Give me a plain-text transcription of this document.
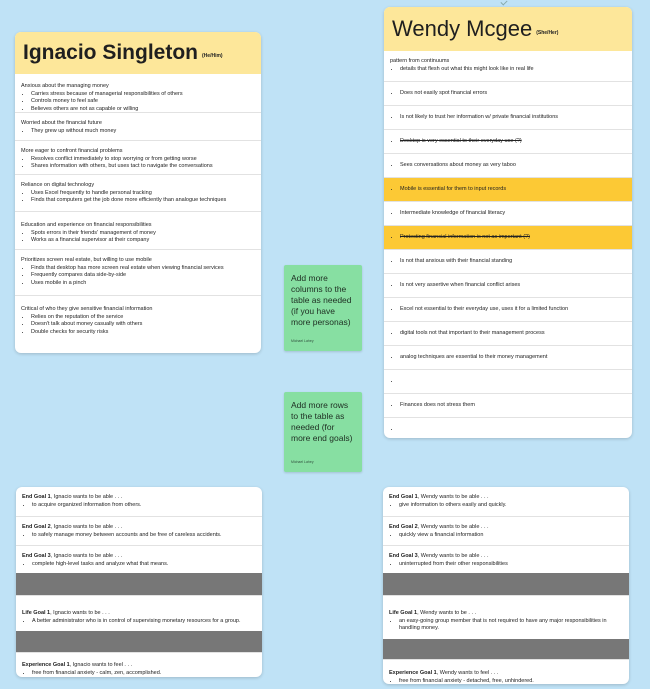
Ignacio Singleton (He/Him)
Anxious about the managing money
• Carries stress because of managerial responsibilities of others
• Controls money to feel safe
• Believes others are not as capable or willing
Worried about the financial future
• They grew up without much money
More eager to confront financial problems
• Resolves conflict immediately to stop worrying or from getting worse
• Shares information with others, but uses tact to navigate the conversations
Reliance on digital technology
• Uses Excel frequently to handle personal tracking
• Finds that computers get the job done more efficiently than analogue techniques
Education and experience on financial responsibilities
• Spots errors in their friends' management of money
• Works as a financial supervisor at their company
Prioritizes screen real estate, but willing to use mobile
• Finds that desktop has more screen real estate when viewing financial services
• Frequently compares data side-by-side
• Uses mobile in a pinch
Critical of who they give sensitive financial information
• Relies on the reputation of the service
• Doesn't talk about money casually with others
• Double checks for security risks
Wendy Mcgee (She/Her)
pattern from continuums
• details that flesh out what this might look like in real life
• Does not easily spot financial errors
• Is not likely to trust her information w/ private financial institutions
• Desktop is very essential to their everyday use (?)
• Sees conversations about money as very taboo
• Mobile is essential for them to input records
• Intermediate knowledge of financial literacy
• Protecting financial information is not as important (?)
• Is not that anxious with their financial standing
• Is not very assertive when financial conflict arises
• Excel not essential to their everyday use, uses it for a limited function
• digital tools not that important to their management process
• analog techniques are essential to their money management
•
• Finances does not stress them
•
Add more columns to the table as needed (if you have more personas)
Michael Lahey
Add more rows to the table as needed (for more end goals)
Michael Lahey
End Goal 1, Ignacio wants to be able . . .
• to acquire organized information from others.
End Goal 2, Ignacio wants to be able . . .
• to safely manage money between accounts and be free of careless accidents.
End Goal 3, Ignacio wants to be able . . .
• complete high-level tasks and analyze what that means.
Life Goal 1, Ignacio wants to be . . .
• A better administrator who is in control of supervising monetary resources for a group.
Experience Goal 1, Ignacio wants to feel . . .
• free from financial anxiety - calm, zen, accomplished.
End Goal 1, Wendy wants to be able . . .
• give information to others easily and quickly.
End Goal 2, Wendy wants to be able . . .
• quickly view a financial information
End Goal 3, Wendy wants to be able . . .
• uninterrupted from their other responsibilities
Life Goal 1, Wendy wants to be . . .
• an easy-going group member that is not required to have any major responsibilities in handling money.
Experience Goal 1, Wendy wants to feel . . .
• free from financial anxiety - detached, free, unhindered.
